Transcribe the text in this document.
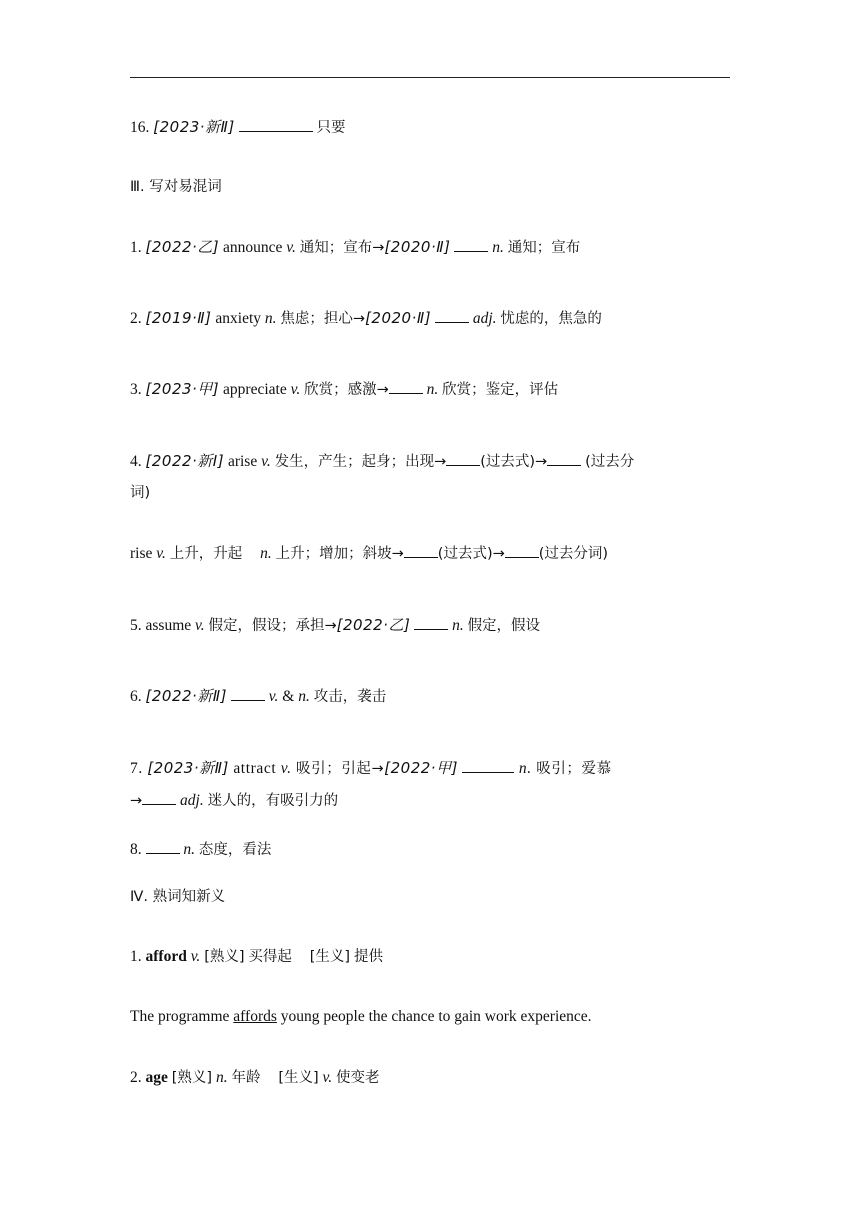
16. [2023·新Ⅱ]	只要
Ⅲ. 写对易混词
1. [2022·乙] announce v. 通知；宣布→[2020·Ⅱ]	n. 通知；宣布
2. [2019·Ⅱ] anxiety n. 焦虑；担心→[2020·Ⅱ]	adj. 忧虑的，焦急的
3. [2023·甲] appreciate v. 欣赏；感激→ n. 欣赏；鉴定，评估
4. [2022·新Ⅰ] arise v. 发生，产生；起身；出现→ (过去式)→	(过去分
词)
rise v. 上升，升起 n. 上升；增加；斜坡→ (过去式)→ (过去分词)
5. assume v. 假定，假设；承担→[2022·乙]	n. 假定，假设
6. [2022·新Ⅱ]	v. & n. 攻击，袭击
7. [2023·新Ⅱ] attract v. 吸引；引起→[2022·甲]	n. 吸引；爱慕
→ adj. 迷人的，有吸引力的
8.	n. 态度，看法
Ⅳ. 熟词知新义
1. afford v. [熟义] 买得起 [生义] 提供
The programme affords young people the chance to gain work experience.
2. age [熟义] n. 年龄 [生义] v. 使变老
